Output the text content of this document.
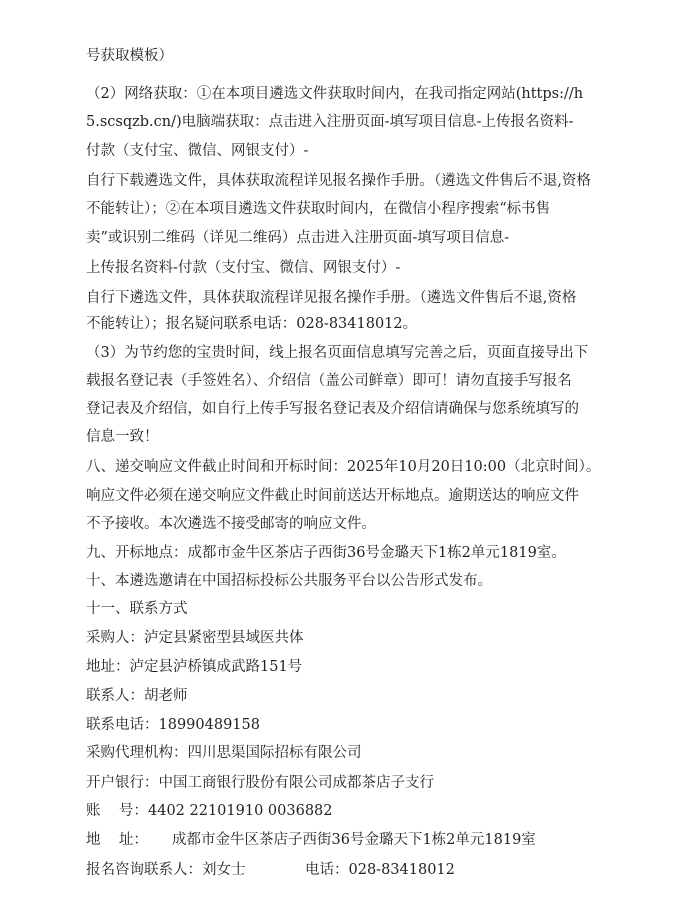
号获取模板）
（2）网络获取：①在本项目遴选文件获取时间内，在我司指定网站(https://h
5.scsqzb.cn/)电脑端获取：点击进入注册页面-填写项目信息-上传报名资料-
付款（支付宝、微信、网银支付）-
自行下载遴选文件，具体获取流程详见报名操作手册。（遴选文件售后不退,资格
不能转让）；②在本项目遴选文件获取时间内，在微信小程序搜索“标书售
卖”或识别二维码（详见二维码）点击进入注册页面-填写项目信息-
上传报名资料-付款（支付宝、微信、网银支付）-
自行下遴选文件，具体获取流程详见报名操作手册。（遴选文件售后不退,资格
不能转让）；报名疑问联系电话：028-83418012。
（3）为节约您的宝贵时间，线上报名页面信息填写完善之后，页面直接导出下
载报名登记表（手签姓名）、介绍信（盖公司鲜章）即可！请勿直接手写报名
登记表及介绍信，如自行上传手写报名登记表及介绍信请确保与您系统填写的
信息一致！
八、递交响应文件截止时间和开标时间：2025年10月20日10:00（北京时间）。
响应文件必须在递交响应文件截止时间前送达开标地点。逾期送达的响应文件
不予接收。本次遴选不接受邮寄的响应文件。
九、开标地点：成都市金牛区茶店子西街36号金璐天下1栋2单元1819室。
十、本遴选邀请在中国招标投标公共服务平台以公告形式发布。
十一、联系方式
采购人：泸定县紧密型县域医共体
地址：泸定县泸桥镇成武路151号
联系人：胡老师
联系电话：18990489158
采购代理机构：四川思渠国际招标有限公司
开户银行：中国工商银行股份有限公司成都茶店子支行
账    号：4402 22101910 0036882
地    址： 成都市金牛区茶店子西街36号金璐天下1栋2单元1819室
报名咨询联系人：刘女士	电话：028-83418012
